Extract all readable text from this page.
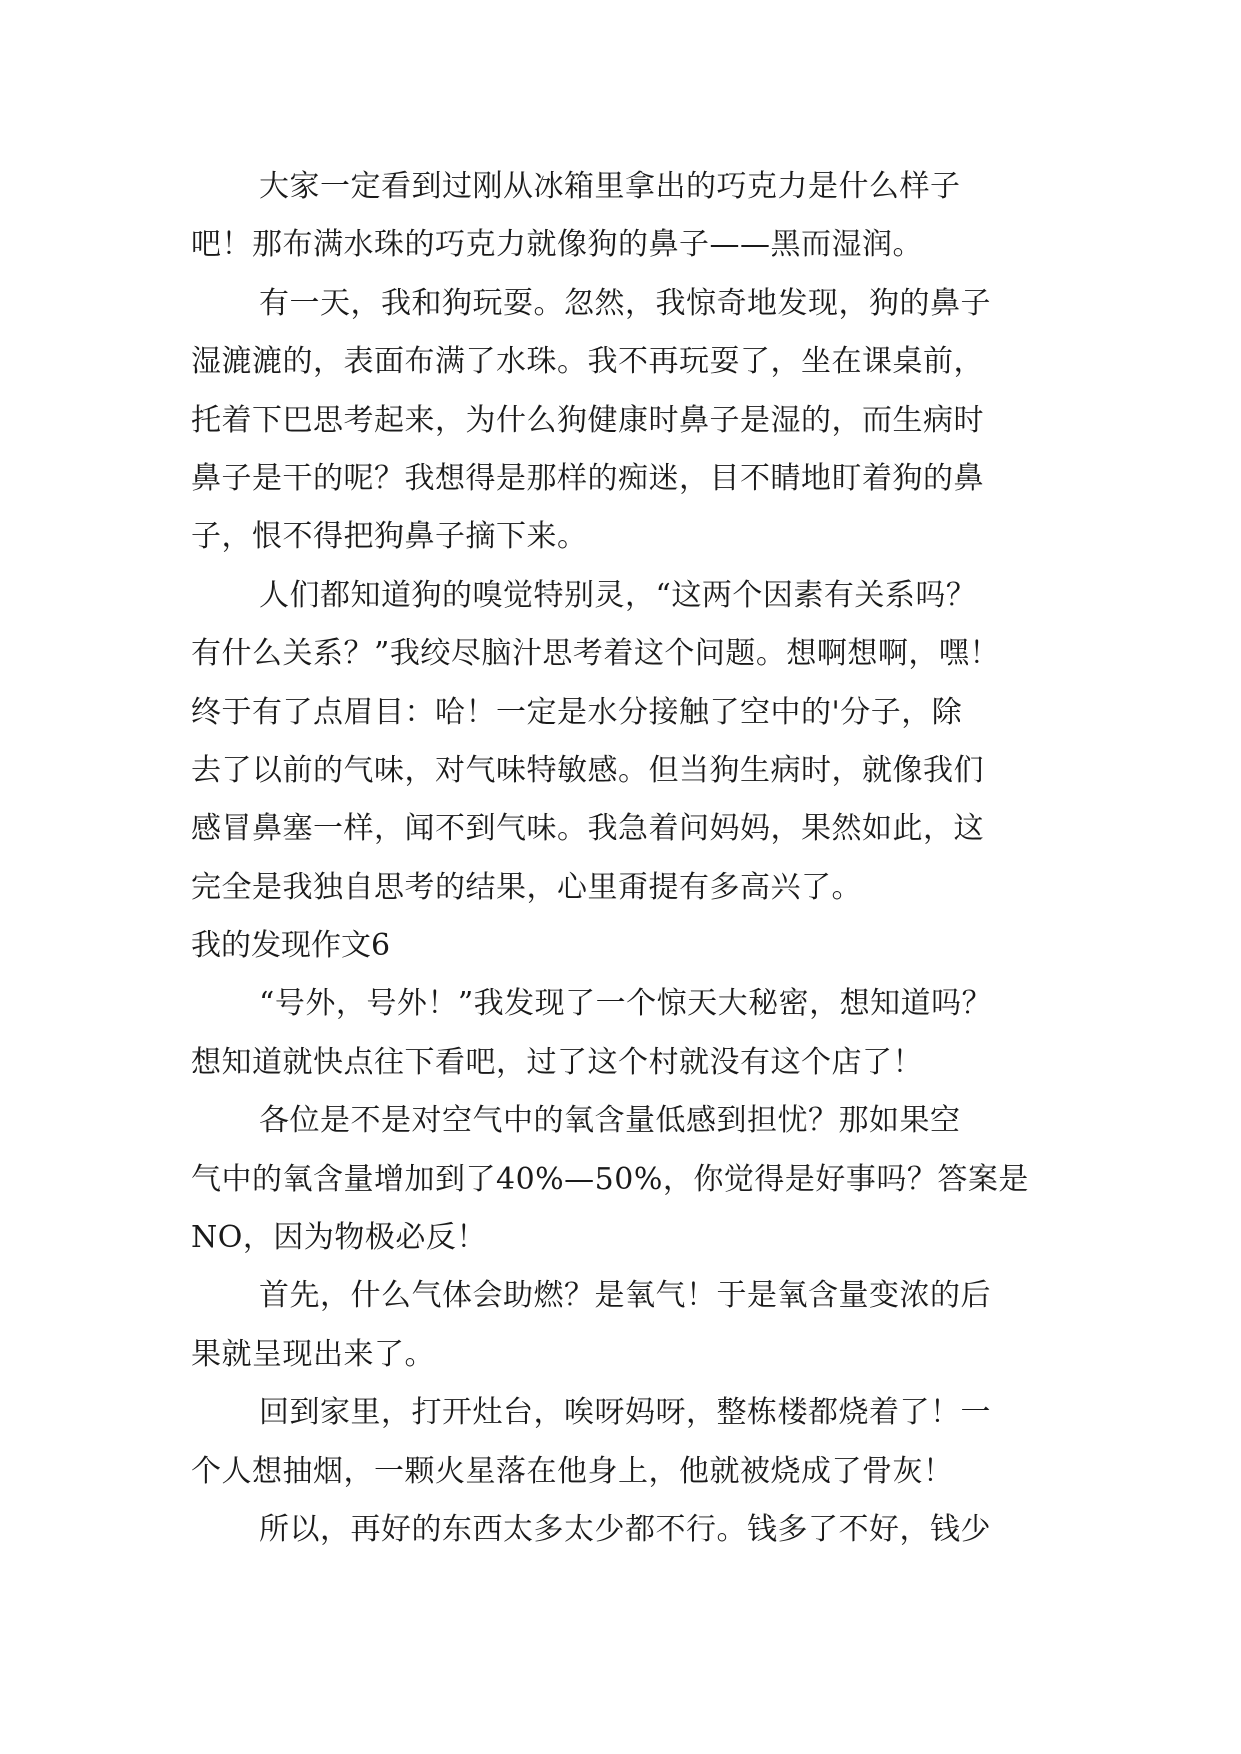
大家一定看到过刚从冰箱里拿出的巧克力是什么样子
吧！那布满水珠的巧克力就像狗的鼻子——黑而湿润。
有一天，我和狗玩耍。忽然，我惊奇地发现，狗的鼻子
湿漉漉的，表面布满了水珠。我不再玩耍了，坐在课桌前，
托着下巴思考起来，为什么狗健康时鼻子是湿的，而生病时
鼻子是干的呢？我想得是那样的痴迷，目不睛地盯着狗的鼻
子，恨不得把狗鼻子摘下来。
人们都知道狗的嗅觉特别灵，“这两个因素有关系吗？
有什么关系？”我绞尽脑汁思考着这个问题。想啊想啊，嘿！
终于有了点眉目：哈！一定是水分接触了空中的'分子，除
去了以前的气味，对气味特敏感。但当狗生病时，就像我们
感冒鼻塞一样，闻不到气味。我急着问妈妈，果然如此，这
完全是我独自思考的结果，心里甭提有多高兴了。
我的发现作文6
“号外，号外！”我发现了一个惊天大秘密，想知道吗？
想知道就快点往下看吧，过了这个村就没有这个店了！
各位是不是对空气中的氧含量低感到担忧？那如果空
气中的氧含量增加到了40%—50%，你觉得是好事吗？答案是
NO，因为物极必反！
首先，什么气体会助燃？是氧气！于是氧含量变浓的后
果就呈现出来了。
回到家里，打开灶台，唉呀妈呀，整栋楼都烧着了！一
个人想抽烟，一颗火星落在他身上，他就被烧成了骨灰！
所以，再好的东西太多太少都不行。钱多了不好，钱少
